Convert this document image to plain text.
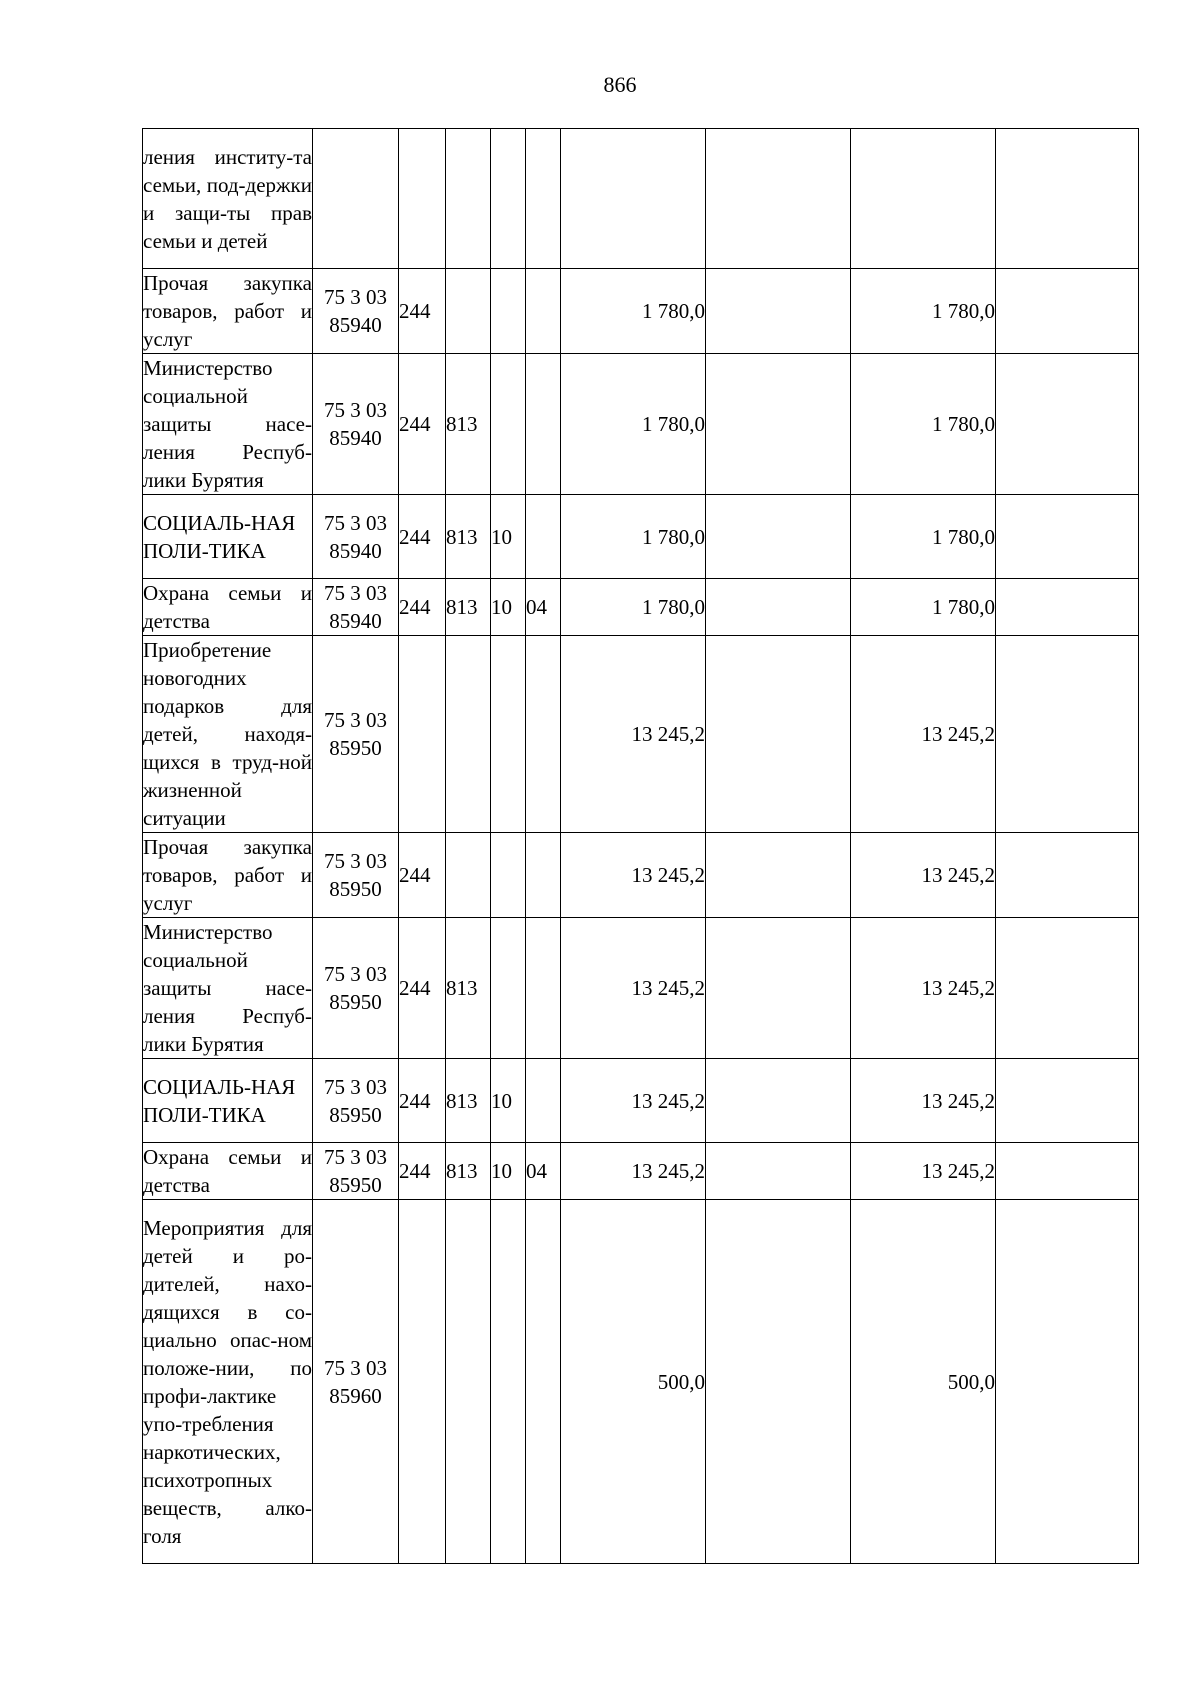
866
ления институ-та семьи, под-держки и защи-ты прав семьи и детей									
Прочая закупка товаров, работ и услуг	75 3 03 85940	244				1 780,0		1 780,0	
Министерство социальной защиты насе-ления Респуб-лики Бурятия	75 3 03 85940	244	813			1 780,0		1 780,0	
СОЦИАЛЬ-НАЯ ПОЛИ-ТИКА	75 3 03 85940	244	813	10		1 780,0		1 780,0	
Охрана семьи и детства	75 3 03 85940	244	813	10	04	1 780,0		1 780,0	
Приобретение новогодних подарков для детей, находя-щихся в труд-ной жизненной ситуации	75 3 03 85950					13 245,2		13 245,2	
Прочая закупка товаров, работ и услуг	75 3 03 85950	244				13 245,2		13 245,2	
Министерство социальной защиты насе-ления Респуб-лики Бурятия	75 3 03 85950	244	813			13 245,2		13 245,2	
СОЦИАЛЬ-НАЯ ПОЛИ-ТИКА	75 3 03 85950	244	813	10		13 245,2		13 245,2	
Охрана семьи и детства	75 3 03 85950	244	813	10	04	13 245,2		13 245,2	
Мероприятия для детей и ро-дителей, нахо-дящихся в со-циально опас-ном положе-нии, по профи-лактике упо-требления наркотических, психотропных веществ, алко-голя	75 3 03 85960					500,0		500,0	
